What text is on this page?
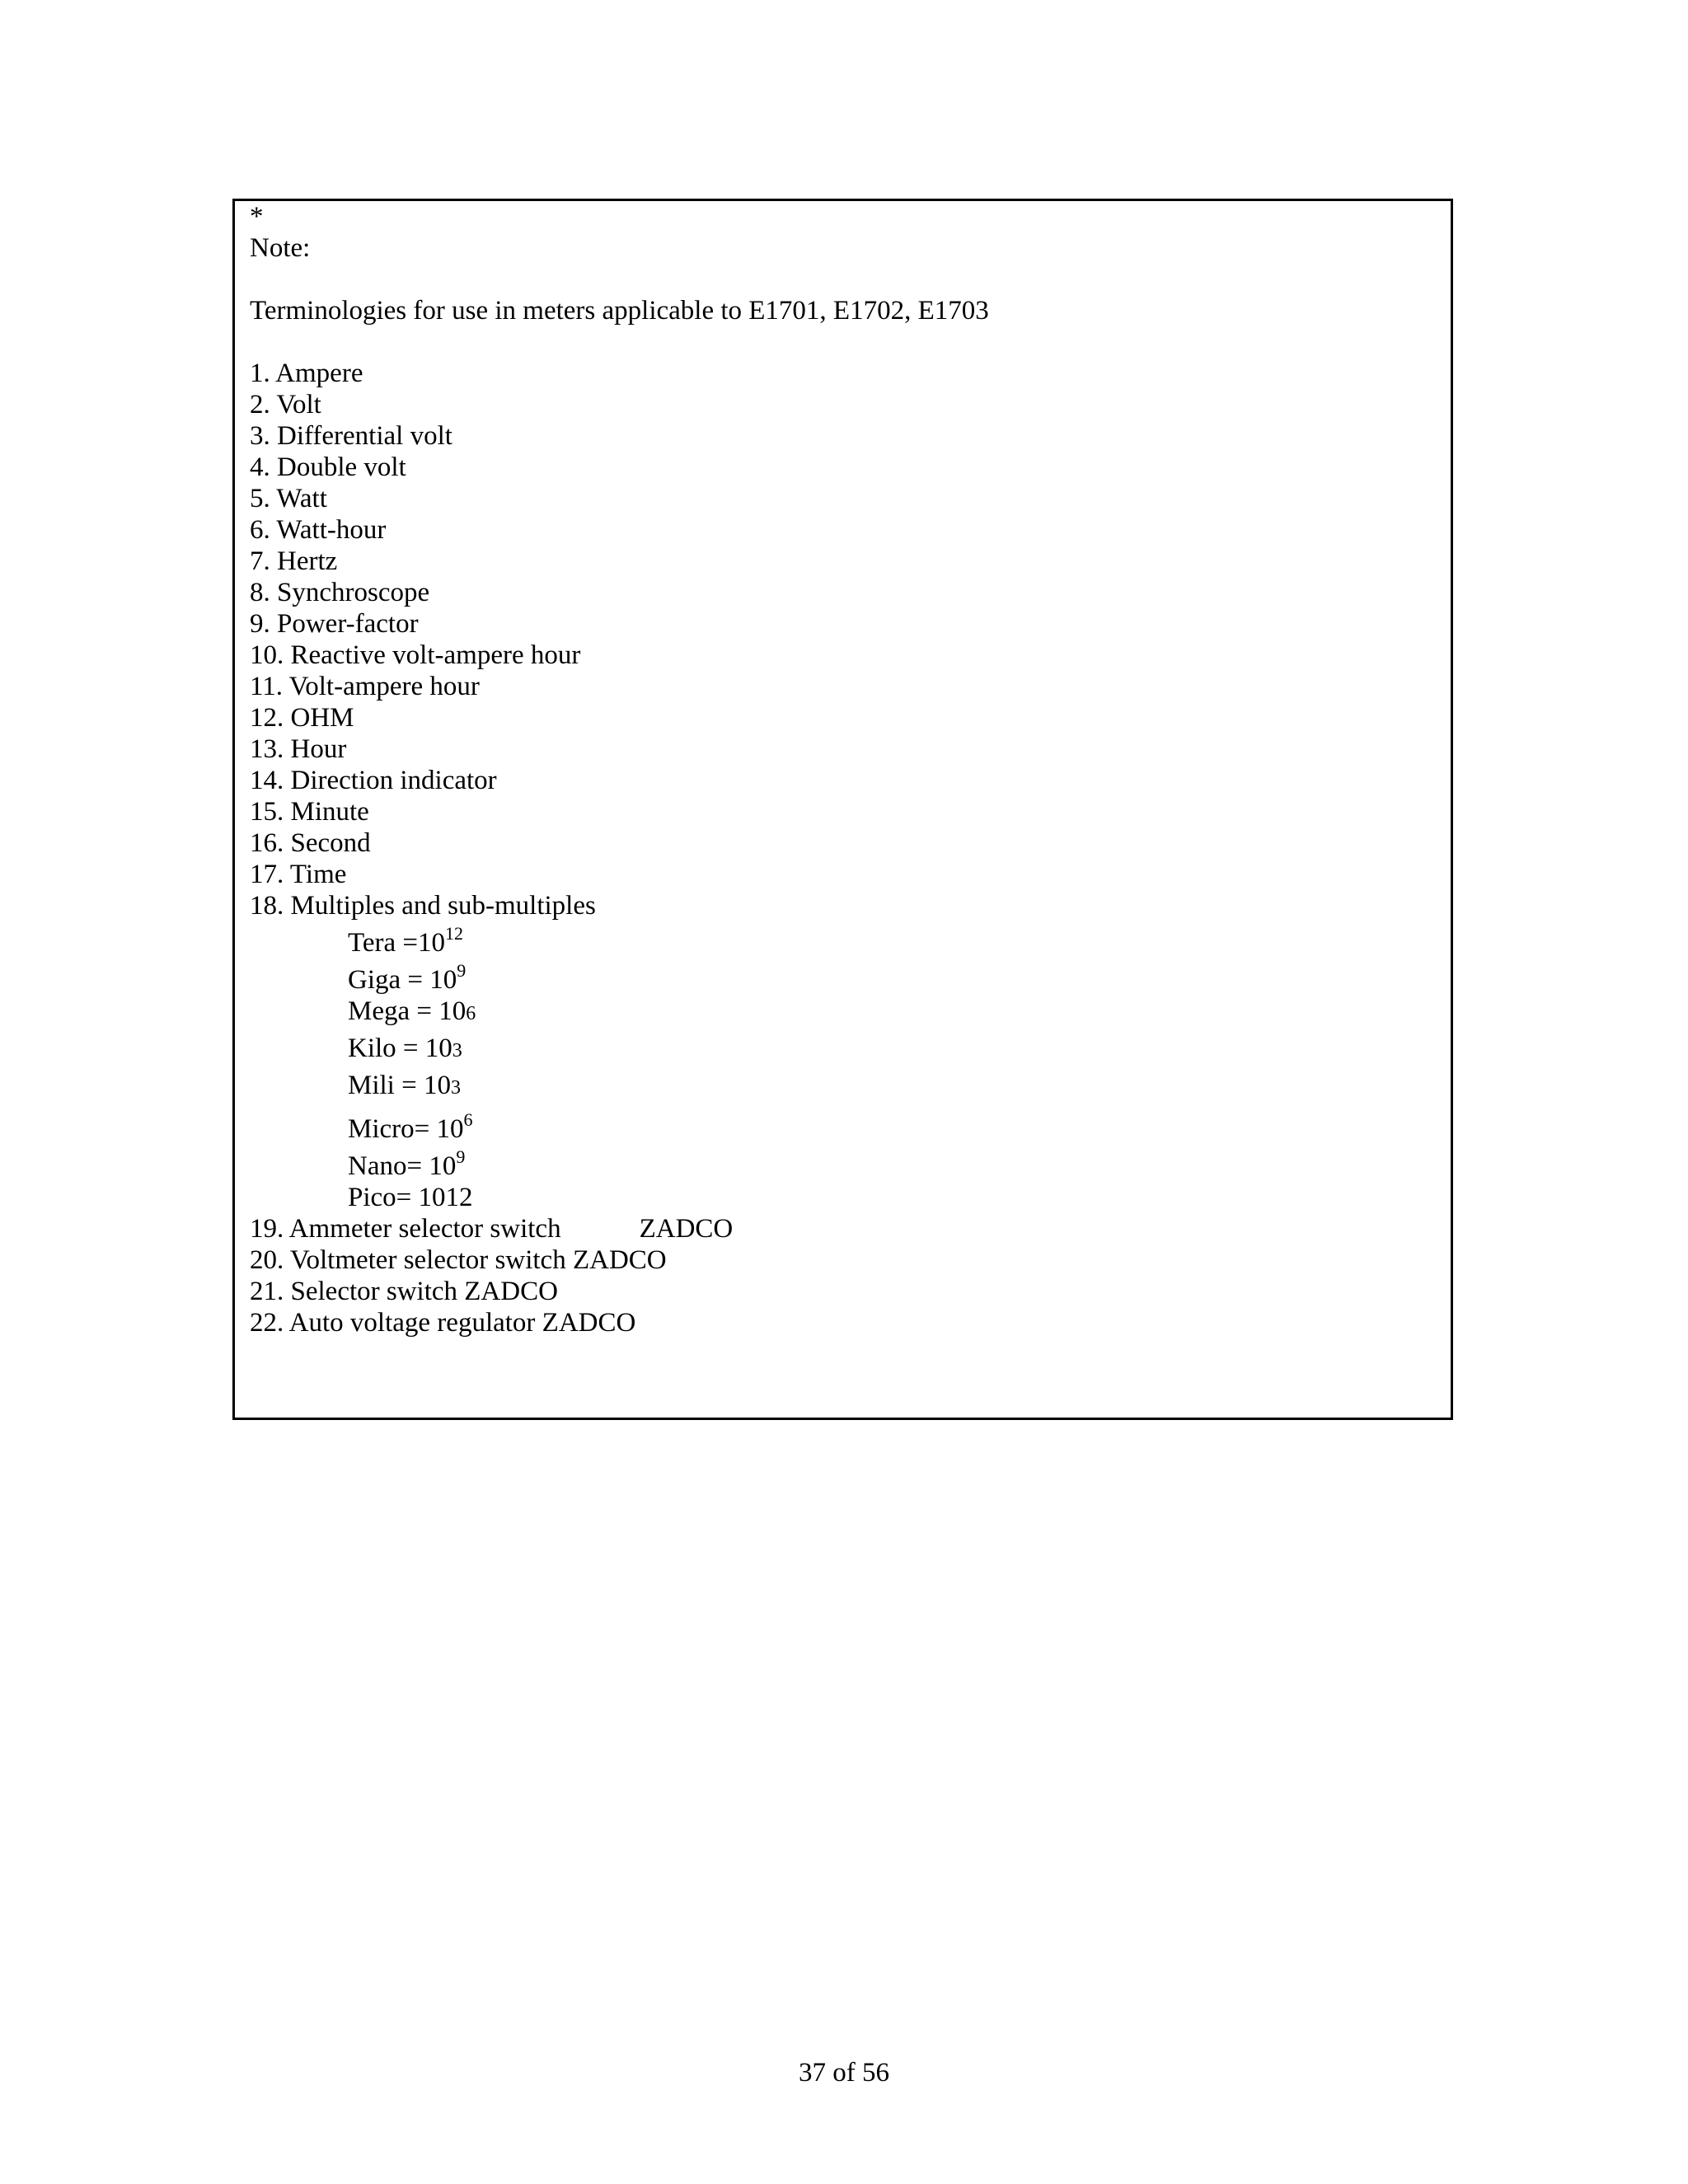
*
Note:
Terminologies for use in meters applicable to E1701, E1702, E1703
1. Ampere
2. Volt
3. Differential volt
4. Double volt
5. Watt
6. Watt-hour
7. Hertz
8. Synchroscope
9. Power-factor
10. Reactive volt-ampere hour
11. Volt-ampere hour
12. OHM
13. Hour
14. Direction indicator
15. Minute
16. Second
17. Time
18. Multiples and sub-multiples
Tera $=10^{12}$
Giga = $10^9$
Mega = 106
Kilo = 103
Mili = 103
Micro= $10^6$
Nano= $10^9$
Pico= 1012
19. Ammeter selector switch	ZADCO
20. Voltmeter selector switch ZADCO
21. Selector switch ZADCO
22. Auto voltage regulator ZADCO
37 of 56
